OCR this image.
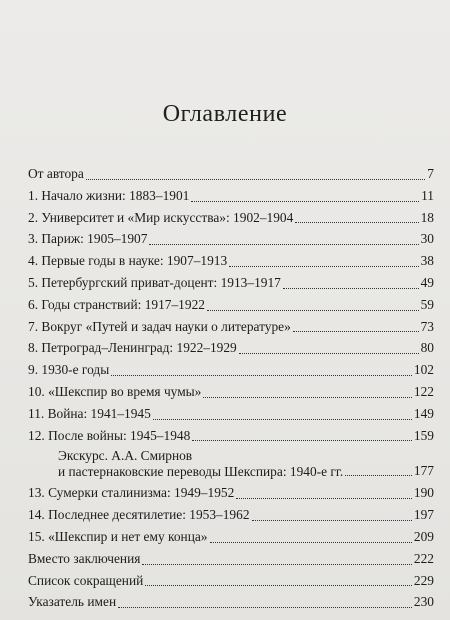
Оглавление
От автора	7
1. Начало жизни: 1883–1901	11
2. Университет и «Мир искусства»: 1902–1904	18
3. Париж: 1905–1907	30
4. Первые годы в науке: 1907–1913	38
5. Петербургский приват-доцент: 1913–1917	49
6. Годы странствий: 1917–1922	59
7. Вокруг «Путей и задач науки о литературе»	73
8. Петроград–Ленинград: 1922–1929	80
9. 1930-е годы	102
10. «Шекспир во время чумы»	122
11. Война: 1941–1945	149
12. После войны: 1945–1948	159
Экскурс. А.А. Смирнов
и пастернаковские переводы Шекспира: 1940-е гг.	177
13. Сумерки сталинизма: 1949–1952	190
14. Последнее десятилетие: 1953–1962	197
15. «Шекспир и нет ему конца»	209
Вместо заключения	222
Список сокращений	229
Указатель имен	230
